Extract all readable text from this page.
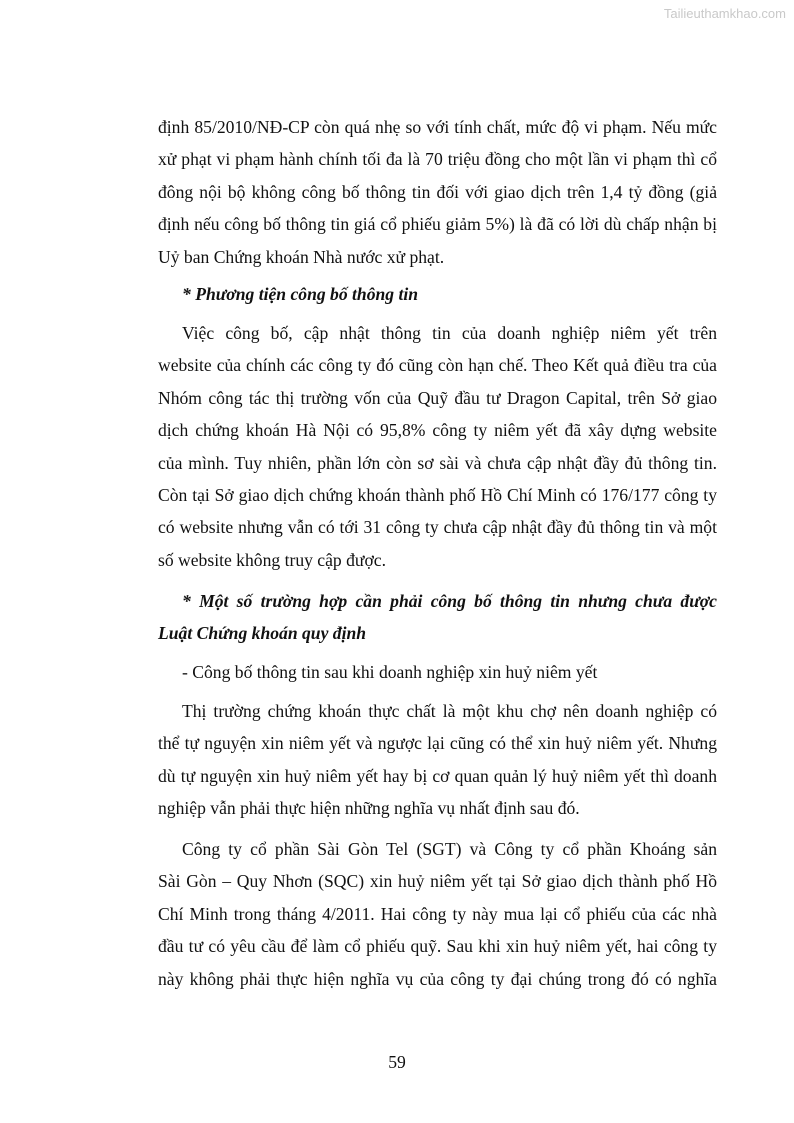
Tailieuthamkhao.com
định 85/2010/NĐ-CP còn quá nhẹ so với tính chất, mức độ vi phạm. Nếu mức
xử phạt vi phạm hành chính tối đa là 70 triệu đồng cho một lần vi phạm thì cổ
đông nội bộ không công bố thông tin đối với giao dịch trên 1,4 tỷ đồng (giả
định nếu công bố thông tin giá cổ phiếu giảm 5%) là đã có lời dù chấp nhận bị
Uỷ ban Chứng khoán Nhà nước xử phạt.
* Phương tiện công bố thông tin
Việc công bố, cập nhật thông tin của doanh nghiệp niêm yết trên
website của chính các công ty đó cũng còn hạn chế. Theo Kết quả điều tra của
Nhóm công tác thị trường vốn của Quỹ đầu tư Dragon Capital, trên Sở giao
dịch chứng khoán Hà Nội có 95,8% công ty niêm yết đã xây dựng website
của mình. Tuy nhiên, phần lớn còn sơ sài và chưa cập nhật đầy đủ thông tin.
Còn tại Sở giao dịch chứng khoán thành phố Hồ Chí Minh có 176/177 công ty
có website nhưng vẫn có tới 31 công ty chưa cập nhật đầy đủ thông tin và một
số website không truy cập được.
* Một số trường hợp cần phải công bố thông tin nhưng chưa được
Luật Chứng khoán quy định
- Công bố thông tin sau khi doanh nghiệp xin huỷ niêm yết
Thị trường chứng khoán thực chất là một khu chợ nên doanh nghiệp có
thể tự nguyện xin niêm yết và ngược lại cũng có thể xin huỷ niêm yết. Nhưng
dù tự nguyện xin huỷ niêm yết hay bị cơ quan quản lý huỷ niêm yết thì doanh
nghiệp vẫn phải thực hiện những nghĩa vụ nhất định sau đó.
Công ty cổ phần Sài Gòn Tel (SGT) và Công ty cổ phần Khoáng sản
Sài Gòn – Quy Nhơn (SQC) xin huỷ niêm yết tại Sở giao dịch thành phố Hồ
Chí Minh trong tháng 4/2011. Hai công ty này mua lại cổ phiếu của các nhà
đầu tư có yêu cầu để làm cổ phiếu quỹ. Sau khi xin huỷ niêm yết, hai công ty
này không phải thực hiện nghĩa vụ của công ty đại chúng trong đó có nghĩa
59
